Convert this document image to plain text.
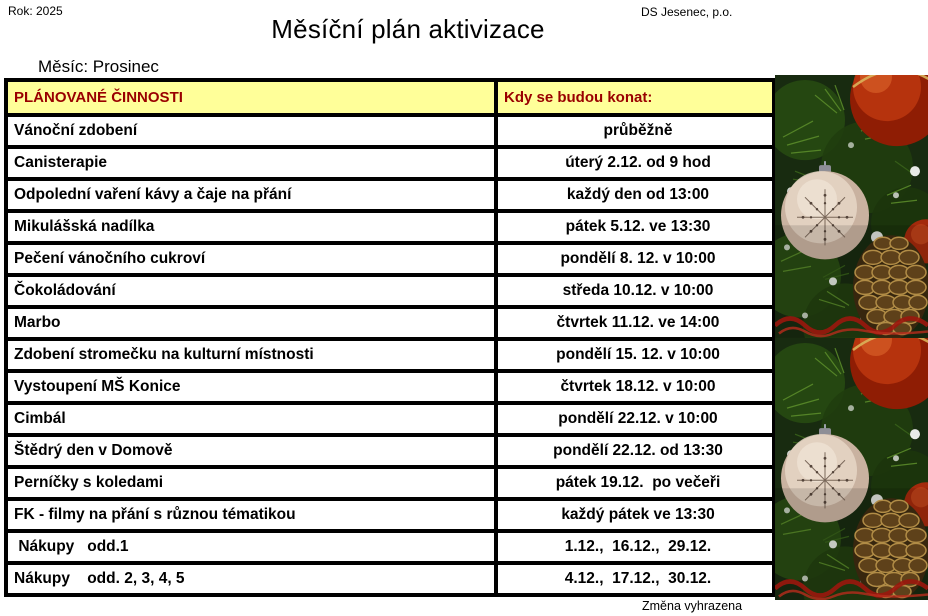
Rok: 2025	DS Jesenec, p.o.
Měsíční plán aktivizace
Měsíc: Prosinec
PLÁNOVANÉ ČINNOSTI	Kdy se budou konat:
Vánoční zdobení	průběžně
Canisterapie	úterý 2.12. od 9 hod
Odpolední vaření kávy a čaje na přání	každý den od 13:00
Mikulášská nadílka	pátek 5.12. ve 13:30
Pečení vánočního cukroví	pondělí 8. 12. v 10:00
Čokoládování	středa 10.12. v 10:00
Marbo	čtvrtek 11.12. ve 14:00
Zdobení stromečku na kulturní místnosti	pondělí 15. 12. v 10:00
Vystoupení MŠ Konice	čtvrtek 18.12. v 10:00
Cimbál	pondělí 22.12. v 10:00
Štědrý den v Domově	pondělí 22.12. od 13:30
Perníčky s koledami	pátek 19.12.  po večeři
FK - filmy na přání s různou tématikou	každý pátek ve 13:30
Nákupy   odd.1	1.12.,  16.12.,  29.12.
Nákupy    odd. 2, 3, 4, 5	4.12.,  17.12.,  30.12.
Změna vyhrazena
